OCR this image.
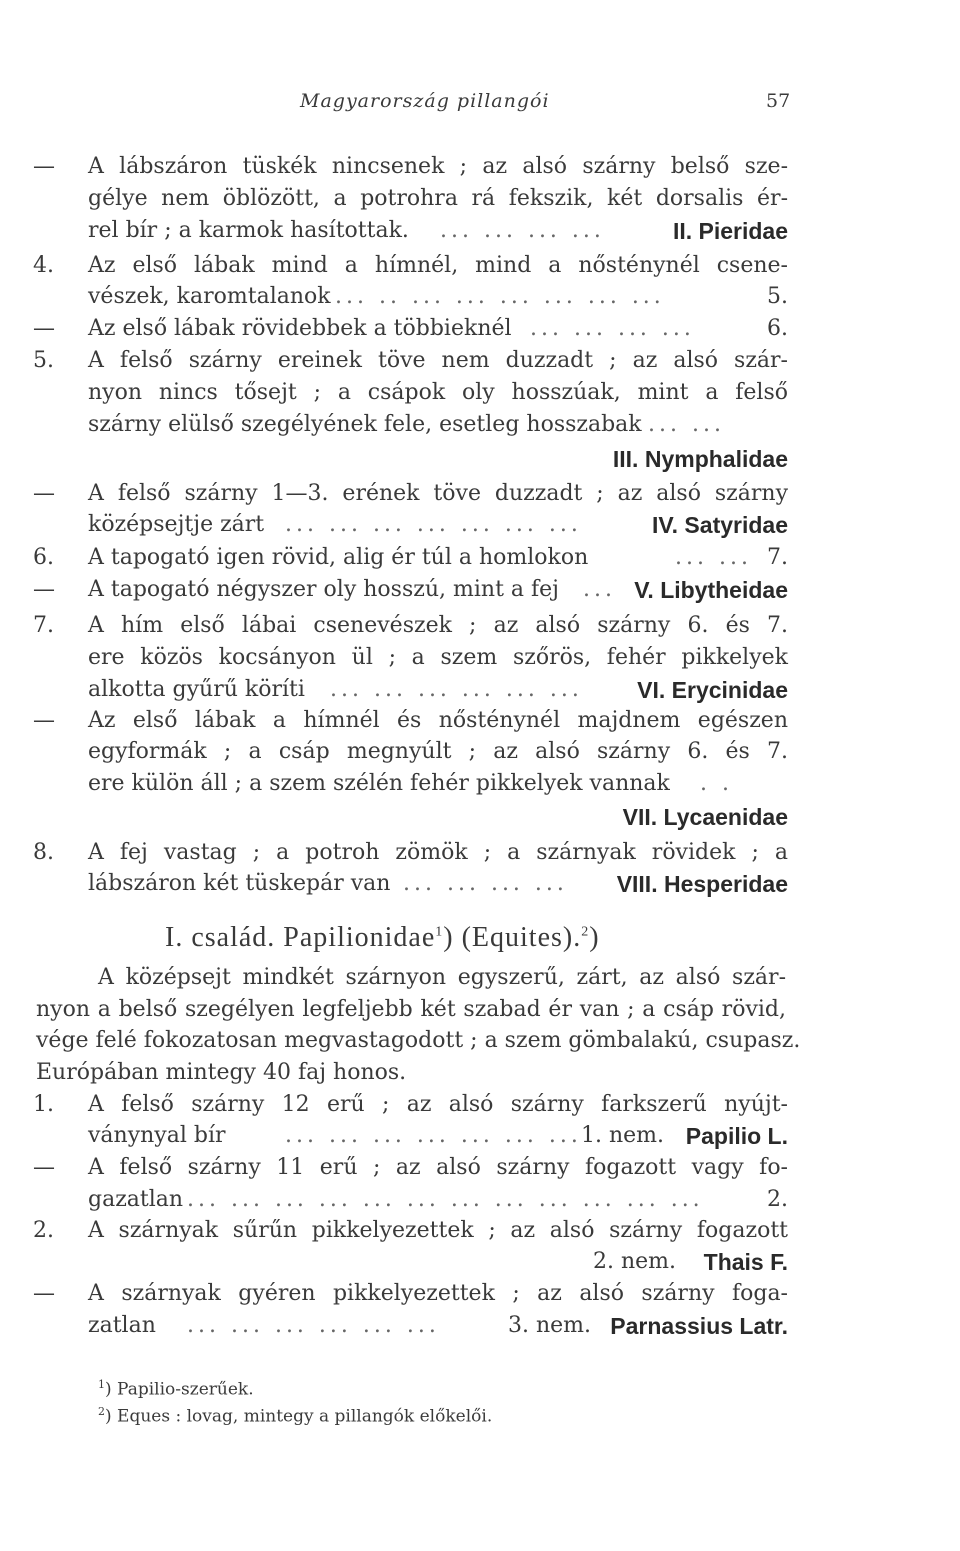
Magyarország pillangói	57
— A lábszáron tüskék nincsenek ; az alsó szárny belső sze-
gélye nem öblözött, a potrohra rá fekszik, két dorsalis ér-
rel bír ; a karmok hasítottak.	... ... ... ...	II. Pieridae
4. Az első lábak mind a hímnél, mind a nősténynél csene-
vészek, karomtalanok ... .. ... ... ... ... ... ...	5.
— Az első lábak rövidebbek a többieknél ... ... ... ...	6.
5. A felső szárny ereinek töve nem duzzadt ; az alsó szár-
nyon nincs tősejt ; a csápok oly hosszúak, mint a felső
szárny elülső szegélyének fele, esetleg hosszabak ... ...
III. Nymphalidae
— A felső szárny 1—3. erének töve duzzadt ; az alsó szárny
középsejtje zárt ... ... ... ... ... ... ...	IV. Satyridae
6. A tapogató igen rövid, alig ér túl a homlokon	... ... 7.
— A tapogató négyszer oly hosszú, mint a fej	... V. Libytheidae
7. A hím első lábai csenevészek ; az alsó szárny 6. és 7.
ere közös kocsányon ül ; a szem szőrös, fehér pikkelyek
alkotta gyűrű köríti ... ... ... ... ... ... VI. Erycinidae
— Az első lábak a hímnél és nősténynél majdnem egészen
egyformák ; a csáp megnyúlt ; az alsó szárny 6. és 7.
ere külön áll ; a szem szélén fehér pikkelyek vannak	. .
VII. Lycaenidae
8. A fej vastag ; a potroh zömök ; a szárnyak rövidek ; a
lábszáron két tüskepár van ... ... ... ... VIII. Hesperidae
I. család. Papilionidae$^1$) (Equites).$^2$)
A középsejt mindkét szárnyon egyszerű, zárt, az alsó szár-
nyon a belső szegélyen legfeljebb két szabad ér van ; a csáp rövid,
vége felé fokozatosan megvastagodott ; a szem gömbalakú, csupasz.
Európában mintegy 40 faj honos.
1. A felső szárny 12 erű ; az alsó szárny farkszerű nyújt-
ványnyal bír	... ... ... ... ... ... ... 1. nem. Papilio L.
— A felső szárny 11 erű ; az alsó szárny fogazott vagy fo-
gazatlan ... ... ... ... ... ... ... ... ... ... ... ...	2.
2. A szárnyak sűrűn pikkelyezettek ; az alsó szárny fogazott
2. nem. Thais F.
— A szárnyak gyéren pikkelyezettek ; az alsó szárny foga-
zatlan	... ... ... ... ... ...	3. nem. Parnassius Latr.
$^1$) Papilio-szerűek.
$^2$) Eques : lovag, mintegy a pillangók előkelői.
